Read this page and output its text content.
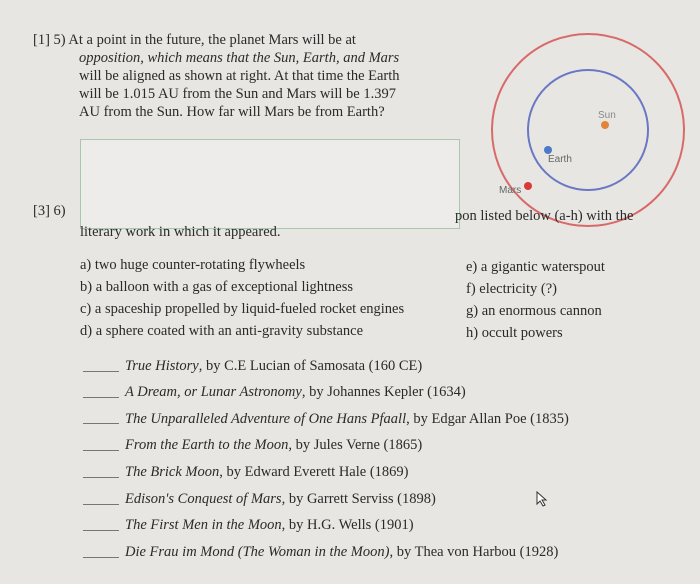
[1] 5) At a point in the future, the planet Mars will be at
opposition, which means that the Sun, Earth, and Mars
will be aligned as shown at right. At that time the Earth
will be 1.015 AU from the Sun and Mars will be 1.397
AU from the Sun. How far will Mars be from Earth?	Sun
Earth
Mars
[3] 6)	pon listed below (a-h) with the
literary work in which it appeared.
a) two huge counter-rotating flywheels
b) a balloon with a gas of exceptional lightness
c) a spaceship propelled by liquid-fueled rocket engines
d) a sphere coated with an anti-gravity substance
e) a gigantic waterspout
f) electricity (?)
g) an enormous cannon
h) occult powers
True History, by C.E Lucian of Samosata (160 CE)
A Dream, or Lunar Astronomy, by Johannes Kepler (1634)
The Unparalleled Adventure of One Hans Pfaall, by Edgar Allan Poe (1835)
From the Earth to the Moon, by Jules Verne (1865)
The Brick Moon, by Edward Everett Hale (1869)
Edison's Conquest of Mars, by Garrett Serviss (1898)
The First Men in the Moon, by H.G. Wells (1901)
Die Frau im Mond (The Woman in the Moon), by Thea von Harbou (1928)
